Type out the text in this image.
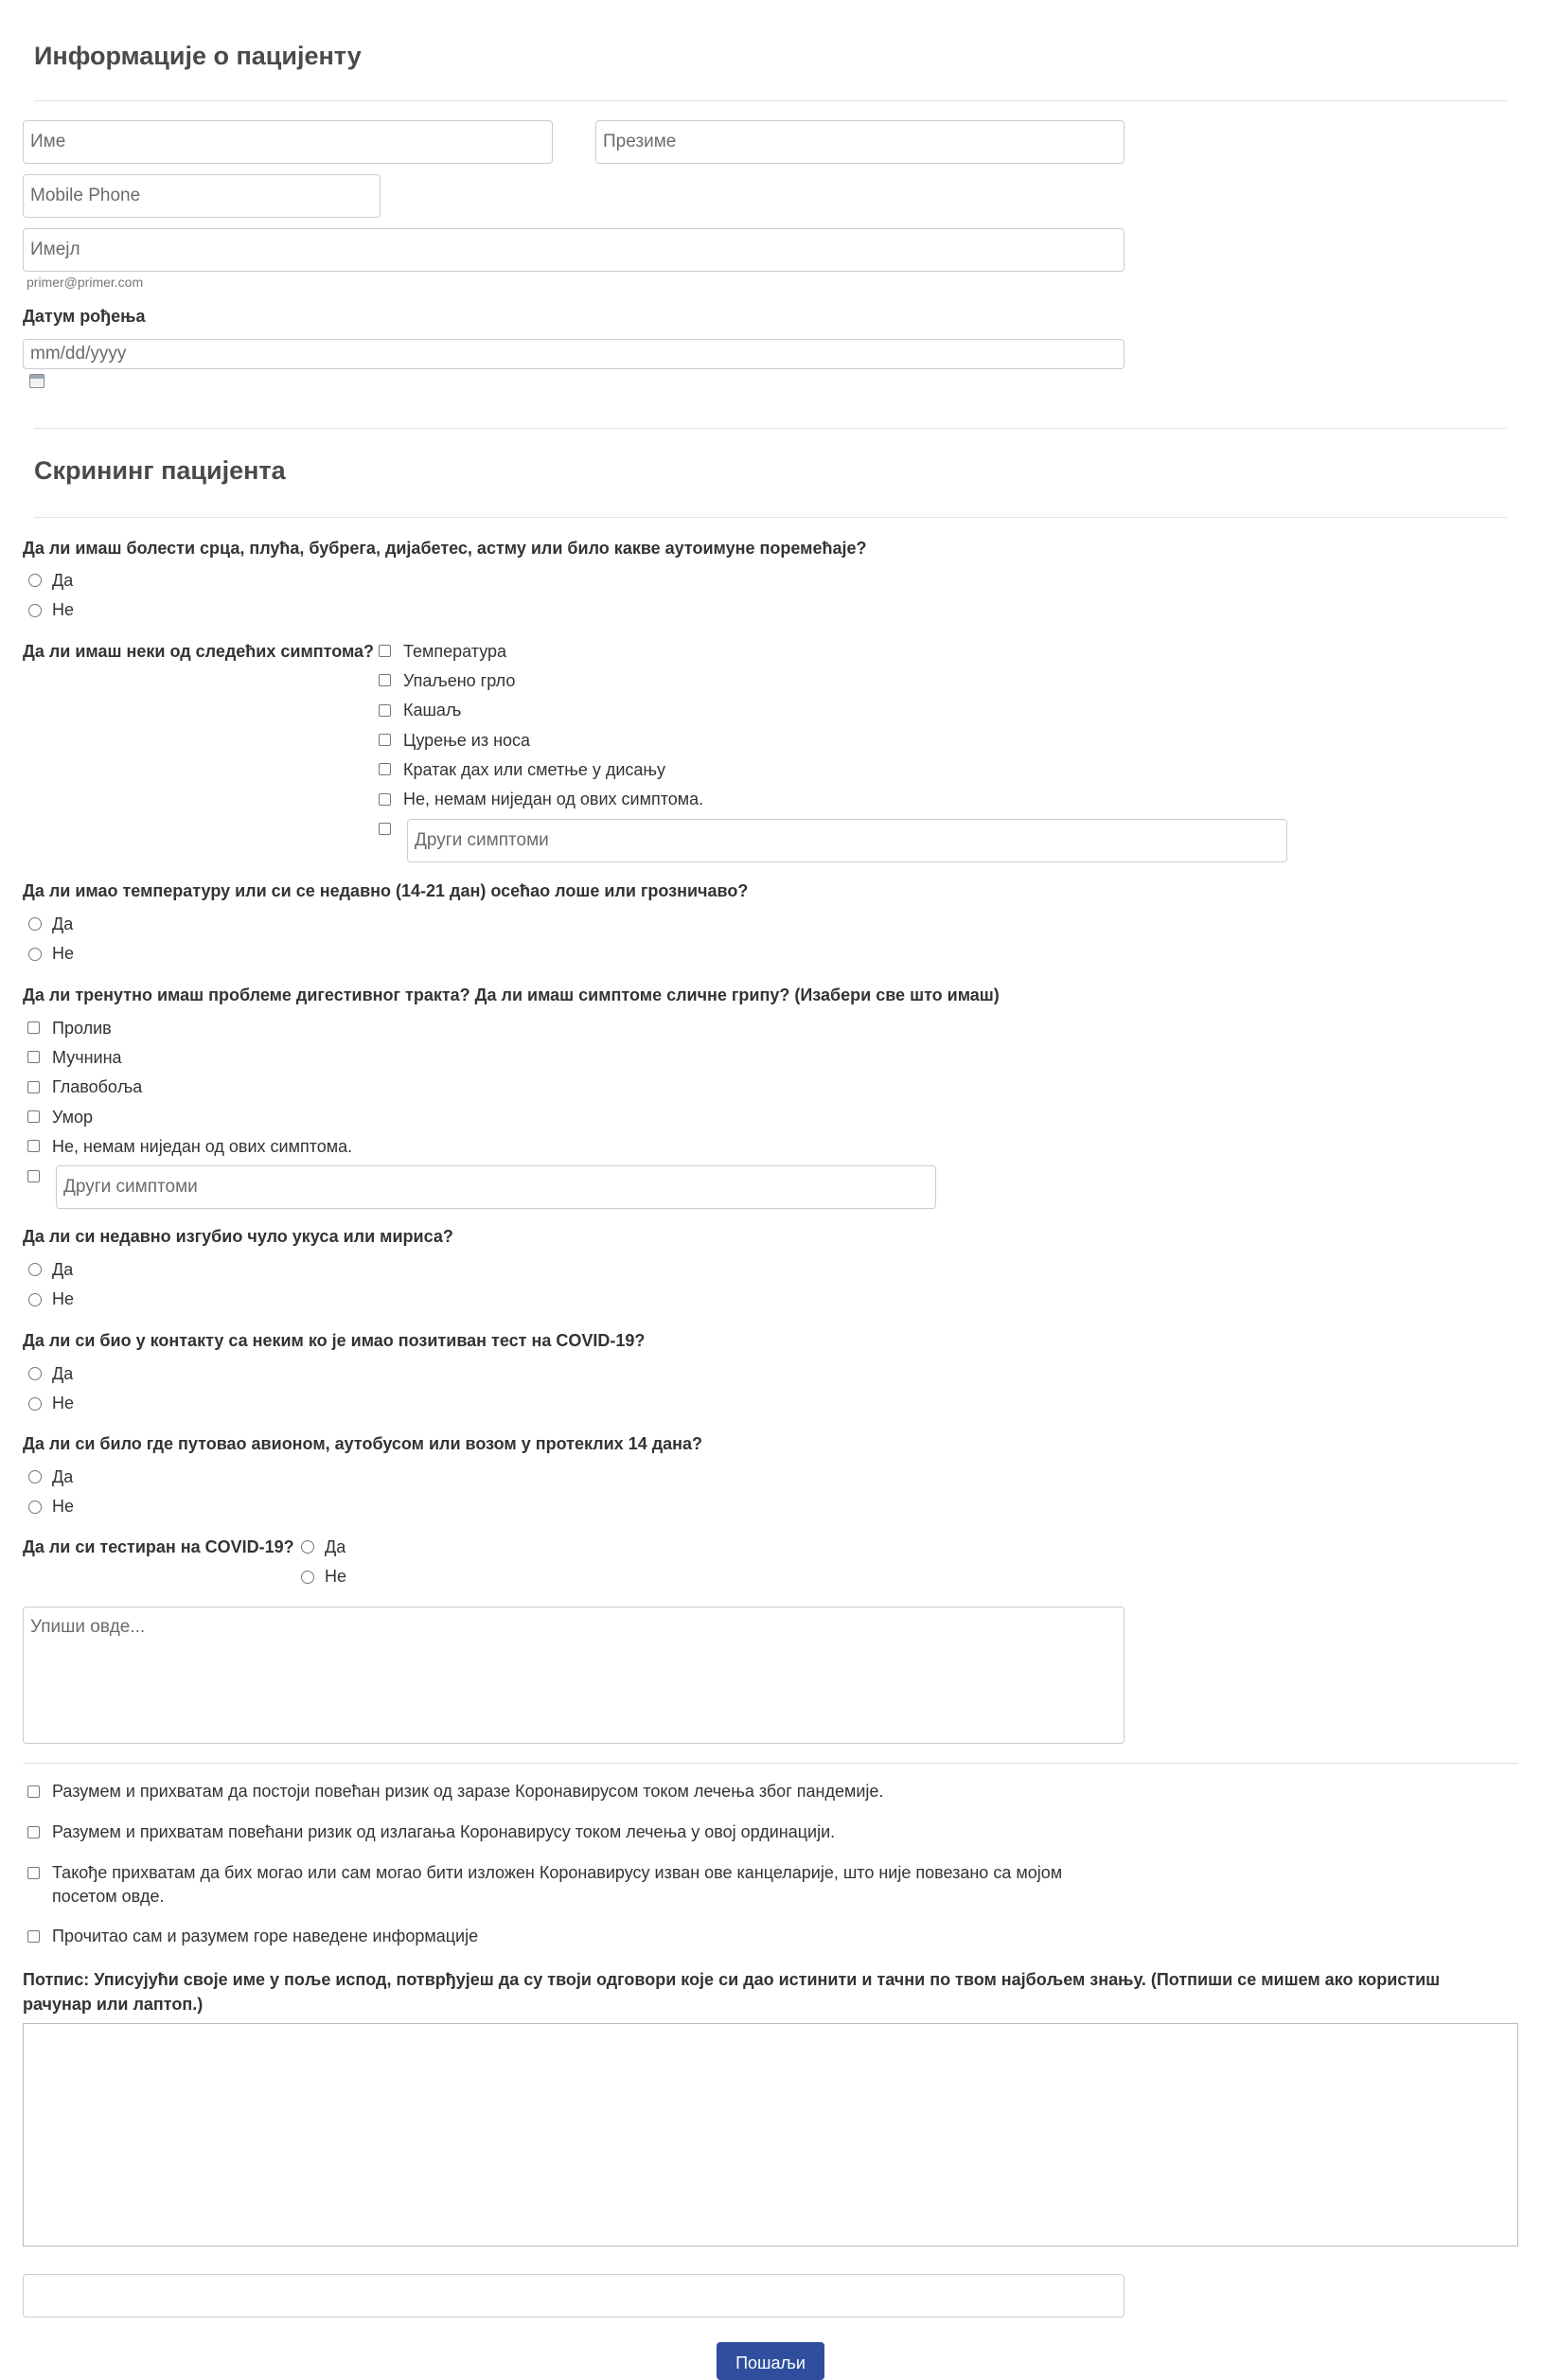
Информације о пацијенту
Име	Презиме
Mobile Phone
Имејл
primer@primer.com
Датум рођења
mm/dd/yyyy
Скрининг пацијента
Да ли имаш болести срца, плућа, бубрега, дијабетес, астму или било какве аутоимуне поремећаје?
Да
Не
Да ли имаш неки од следећих симптома? Температура
Упаљено грло
Кашаљ
Цурење из носа
Кратак дах или сметње у дисању
Не, немам ниједан од ових симптома.
Други симптоми
Да ли имао температуру или си се недавно (14-21 дан) осећао лоше или грозничаво?
Да
Не
Да ли тренутно имаш проблеме дигестивног тракта? Да ли имаш симптоме сличне грипу? (Изабери све што имаш)
Пролив
Мучнина
Главобоља
Умор
Не, немам ниједан од ових симптома.
Други симптоми
Да ли си недавно изгубио чуло укуса или мириса?
Да
Не
Да ли си био у контакту са неким ко је имао позитиван тест на COVID-19?
Да
Не
Да ли си било где путовао авионом, аутобусом или возом у протеклих 14 дана?
Да
Не
Да ли си тестиран на COVID-19? Да
Не
Упиши овде...
Разумем и прихватам да постоји повећан ризик од заразе Коронавирусом током лечења због пандемије.
Разумем и прихватам повећани ризик од излагања Коронавирусу током лечења у овој ординацији.
Такође прихватам да бих могао или сам могао бити изложен Коронавирусу изван ове канцеларије, што није повезано са мојом
посетом овде.
Прочитао сам и разумем горе наведене информације
Потпис: Уписујући своје име у поље испод, потврђујеш да су твоји одговори које си дао истинити и тачни по твом најбољем знању. (Потпиши се мишем ако користиш
рачунар или лаптоп.)
Пошаљи
